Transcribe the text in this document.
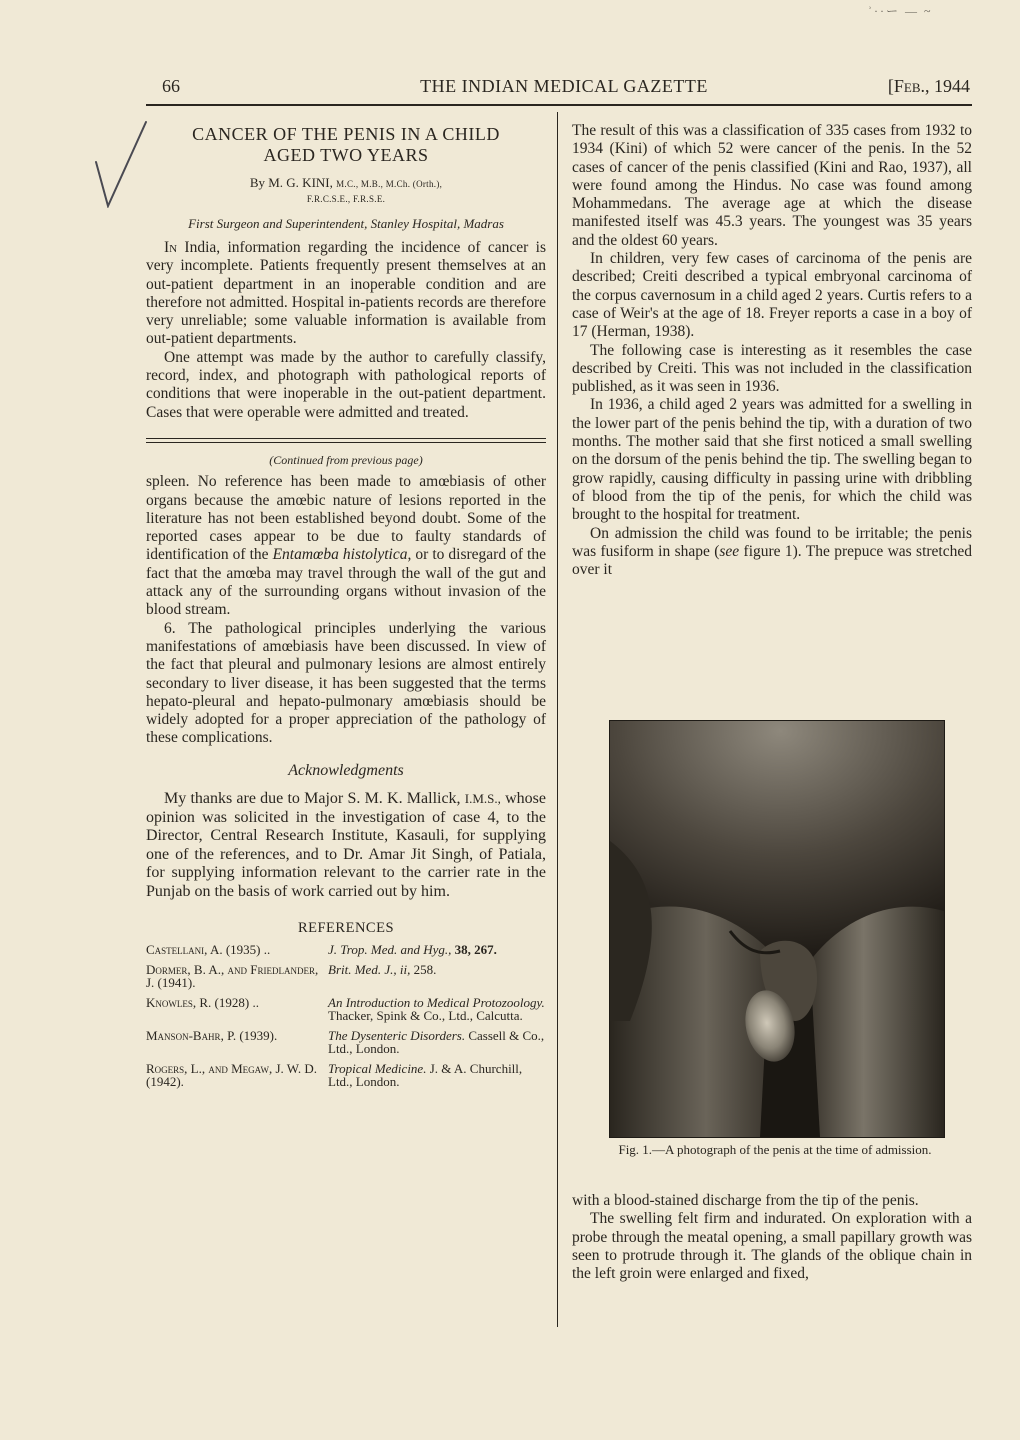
ʾ··ー — ~
66	THE INDIAN MEDICAL GAZETTE	[Feb., 1944
CANCER OF THE PENIS IN A CHILD
AGED TWO YEARS
By M. G. KINI, M.C., M.B., M.Ch. (Orth.),
F.R.C.S.E., F.R.S.E.
First Surgeon and Superintendent, Stanley Hospital, Madras

In India, information regarding the incidence of cancer is very incomplete. Patients frequently present themselves at an out-patient department in an inoperable condition and are therefore not admitted. Hospital in-patients records are therefore very unreliable; some valuable information is available from out-patient departments.

One attempt was made by the author to carefully classify, record, index, and photograph with pathological reports of conditions that were inoperable in the out-patient department. Cases that were operable were admitted and treated.

(Continued from previous page)

spleen. No reference has been made to amœbiasis of other organs because the amœbic nature of lesions reported in the literature has not been established beyond doubt. Some of the reported cases appear to be due to faulty standards of identification of the Entamœba histolytica, or to disregard of the fact that the amœba may travel through the wall of the gut and attack any of the surrounding organs without invasion of the blood stream.

6. The pathological principles underlying the various manifestations of amœbiasis have been discussed. In view of the fact that pleural and pulmonary lesions are almost entirely secondary to liver disease, it has been suggested that the terms hepato-pleural and hepato-pulmonary amœbiasis should be widely adopted for a proper appreciation of the pathology of these complications.

Acknowledgments

My thanks are due to Major S. M. K. Mallick, I.M.S., whose opinion was solicited in the investigation of case 4, to the Director, Central Research Institute, Kasauli, for supplying one of the references, and to Dr. Amar Jit Singh, of Patiala, for supplying information relevant to the carrier rate in the Punjab on the basis of work carried out by him.

REFERENCES
Castellani, A. (1935) ..	J. Trop. Med. and Hyg., 38, 267.
Dormer, B. A., and Friedlander, J. (1941).	Brit. Med. J., ii, 258.
Knowles, R. (1928) ..	An Introduction to Medical Protozoology. Thacker, Spink & Co., Ltd., Calcutta.
Manson-Bahr, P. (1939).	The Dysenteric Disorders. Cassell & Co., Ltd., London.
Rogers, L., and Megaw, J. W. D. (1942).	Tropical Medicine. J. & A. Churchill, Ltd., London.

The result of this was a classification of 335 cases from 1932 to 1934 (Kini) of which 52 were cancer of the penis. In the 52 cases of cancer of the penis classified (Kini and Rao, 1937), all were found among the Hindus. No case was found among Mohammedans. The average age at which the disease manifested itself was 45.3 years. The youngest was 35 years and the oldest 60 years.

In children, very few cases of carcinoma of the penis are described; Creiti described a typical embryonal carcinoma of the corpus cavernosum in a child aged 2 years. Curtis refers to a case of Weir's at the age of 18. Freyer reports a case in a boy of 17 (Herman, 1938).

The following case is interesting as it resembles the case described by Creiti. This was not included in the classification published, as it was seen in 1936.

In 1936, a child aged 2 years was admitted for a swelling in the lower part of the penis behind the tip, with a duration of two months. The mother said that she first noticed a small swelling on the dorsum of the penis behind the tip. The swelling began to grow rapidly, causing difficulty in passing urine with dribbling of blood from the tip of the penis, for which the child was brought to the hospital for treatment.

On admission the child was found to be irritable; the penis was fusiform in shape (see figure 1). The prepuce was stretched over it

Fig. 1.—A photograph of the penis at the time of admission.

with a blood-stained discharge from the tip of the penis.

The swelling felt firm and indurated. On exploration with a probe through the meatal opening, a small papillary growth was seen to protrude through it. The glands of the oblique chain in the left groin were enlarged and fixed,
